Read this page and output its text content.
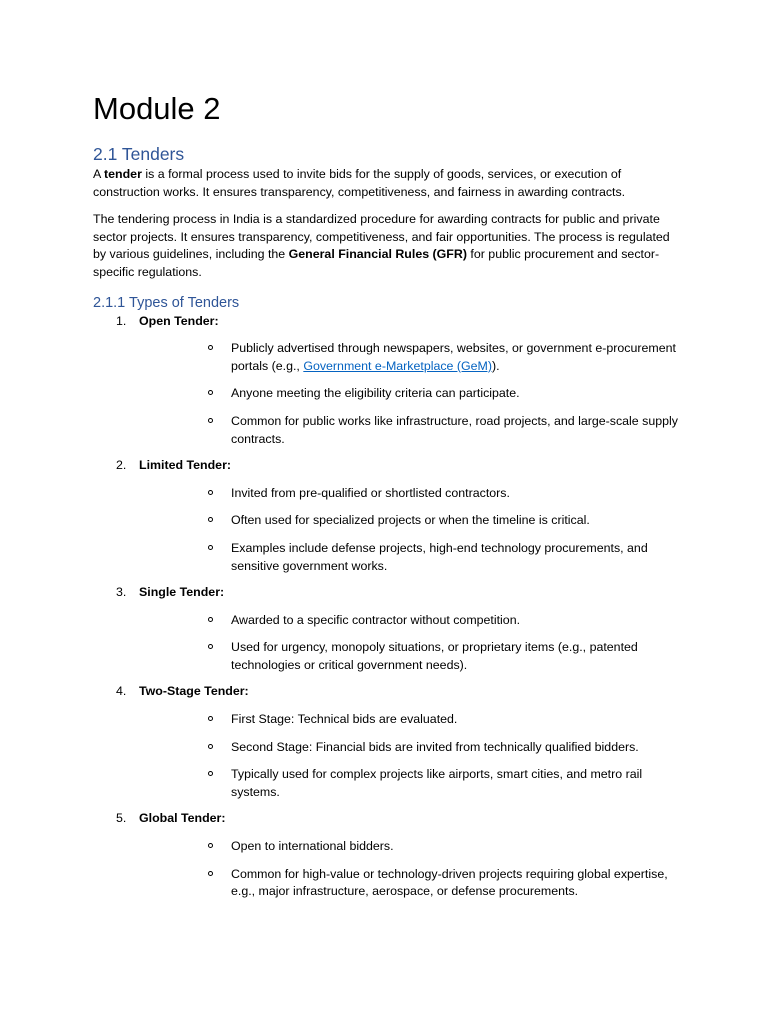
Module 2
2.1 Tenders

A tender is a formal process used to invite bids for the supply of goods, services, or execution of construction works. It ensures transparency, competitiveness, and fairness in awarding contracts.

The tendering process in India is a standardized procedure for awarding contracts for public and private sector projects. It ensures transparency, competitiveness, and fair opportunities. The process is regulated by various guidelines, including the General Financial Rules (GFR) for public procurement and sector-specific regulations.

2.1.1 Types of Tenders
1. Open Tender:
Publicly advertised through newspapers, websites, or government e-procurement portals (e.g., Government e-Marketplace (GeM)).
Anyone meeting the eligibility criteria can participate.
Common for public works like infrastructure, road projects, and large-scale supply contracts.
2. Limited Tender:
Invited from pre-qualified or shortlisted contractors.
Often used for specialized projects or when the timeline is critical.
Examples include defense projects, high-end technology procurements, and sensitive government works.
3. Single Tender:
Awarded to a specific contractor without competition.
Used for urgency, monopoly situations, or proprietary items (e.g., patented technologies or critical government needs).
4. Two-Stage Tender:
First Stage: Technical bids are evaluated.
Second Stage: Financial bids are invited from technically qualified bidders.
Typically used for complex projects like airports, smart cities, and metro rail systems.
5. Global Tender:
Open to international bidders.
Common for high-value or technology-driven projects requiring global expertise, e.g., major infrastructure, aerospace, or defense procurements.
